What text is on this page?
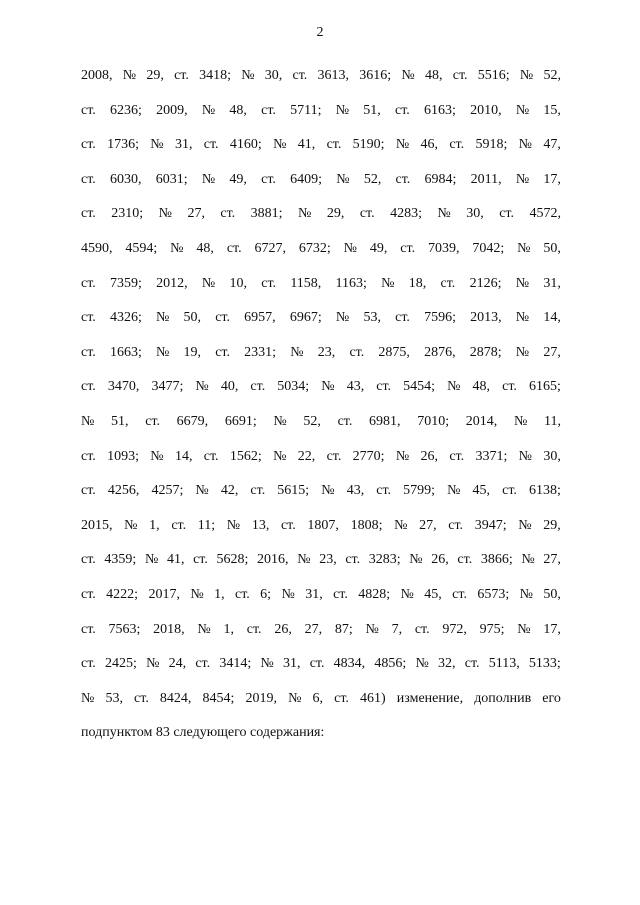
2
2008, № 29, ст. 3418; № 30, ст. 3613, 3616; № 48, ст. 5516; № 52,
ст. 6236; 2009, № 48, ст. 5711; № 51, ст. 6163; 2010, № 15,
ст. 1736; № 31, ст. 4160; № 41, ст. 5190; № 46, ст. 5918; № 47,
ст. 6030, 6031; № 49, ст. 6409; № 52, ст. 6984; 2011, № 17,
ст. 2310; № 27, ст. 3881; № 29, ст. 4283; № 30, ст. 4572,
4590, 4594; № 48, ст. 6727, 6732; № 49, ст. 7039, 7042; № 50,
ст. 7359; 2012, № 10, ст. 1158, 1163; № 18, ст. 2126; № 31,
ст. 4326; № 50, ст. 6957, 6967; № 53, ст. 7596; 2013, № 14,
ст. 1663; № 19, ст. 2331; № 23, ст. 2875, 2876, 2878; № 27,
ст. 3470, 3477; № 40, ст. 5034; № 43, ст. 5454; № 48, ст. 6165;
№ 51, ст. 6679, 6691; № 52, ст. 6981, 7010; 2014, № 11,
ст. 1093; № 14, ст. 1562; № 22, ст. 2770; № 26, ст. 3371; № 30,
ст. 4256, 4257; № 42, ст. 5615; № 43, ст. 5799; № 45, ст. 6138;
2015, № 1, ст. 11; № 13, ст. 1807, 1808; № 27, ст. 3947; № 29,
ст. 4359; № 41, ст. 5628; 2016, № 23, ст. 3283; № 26, ст. 3866; № 27,
ст. 4222; 2017, № 1, ст. 6; № 31, ст. 4828; № 45, ст. 6573; № 50,
ст. 7563; 2018, № 1, ст. 26, 27, 87; № 7, ст. 972, 975; № 17,
ст. 2425; № 24, ст. 3414; № 31, ст. 4834, 4856; № 32, ст. 5113, 5133;
№ 53, ст. 8424, 8454; 2019, № 6, ст. 461) изменение, дополнив его
подпунктом 83 следующего содержания:
